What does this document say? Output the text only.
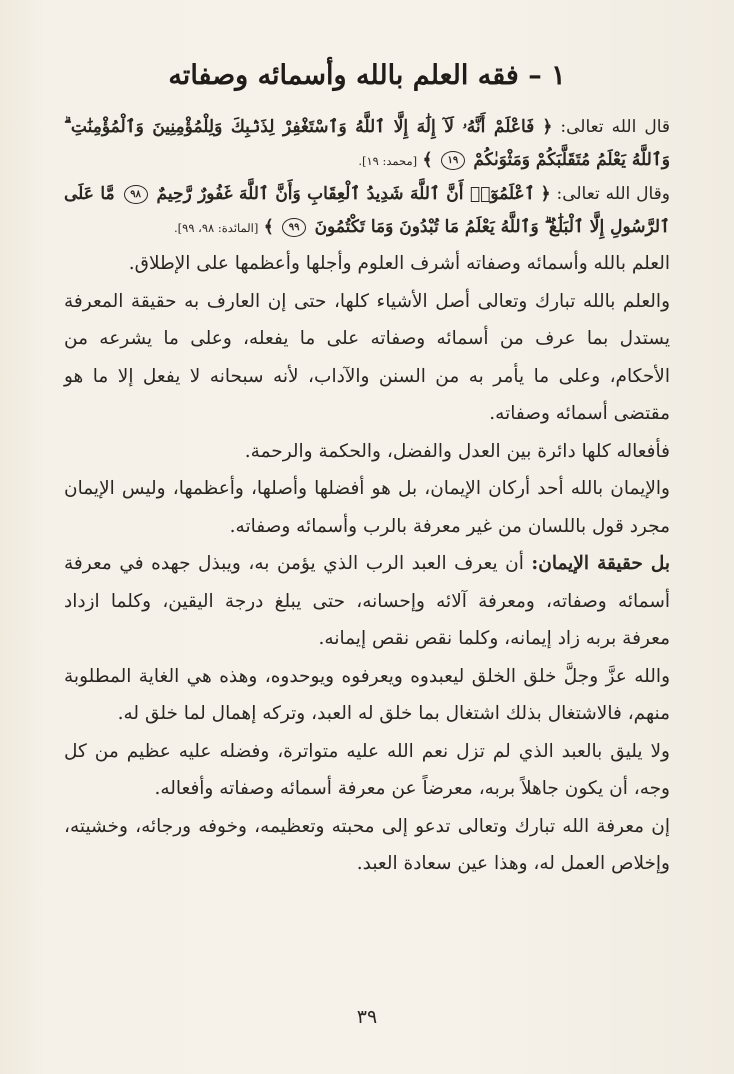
١ – فقه العلم بالله وأسمائه وصفاته

قال الله تعالى: ﴿ فَاعْلَمْ أَنَّهُۥ لَآ إِلَٰهَ إِلَّا ٱللَّهُ وَٱسْتَغْفِرْ لِذَنۢبِكَ وَلِلْمُؤْمِنِينَ وَٱلْمُؤْمِنَٰتِ ۗ وَٱللَّهُ يَعْلَمُ مُتَقَلَّبَكُمْ وَمَثْوَىٰكُمْ ١٩ ﴾ [محمد: ١٩].

وقال الله تعالى: ﴿ ٱعْلَمُوٓا۟ أَنَّ ٱللَّهَ شَدِيدُ ٱلْعِقَابِ وَأَنَّ ٱللَّهَ غَفُورٌ رَّحِيمٌ ٩٨ مَّا عَلَى ٱلرَّسُولِ إِلَّا ٱلْبَلَٰغُ ۗ وَٱللَّهُ يَعْلَمُ مَا تُبْدُونَ وَمَا تَكْتُمُونَ ٩٩ ﴾ [المائدة: ٩٨، ٩٩].

العلم بالله وأسمائه وصفاته أشرف العلوم وأجلها وأعظمها على الإطلاق.

والعلم بالله تبارك وتعالى أصل الأشياء كلها، حتى إن العارف به حقيقة المعرفة يستدل بما عرف من أسمائه وصفاته على ما يفعله، وعلى ما يشرعه من الأحكام، وعلى ما يأمر به من السنن والآداب، لأنه سبحانه لا يفعل إلا ما هو مقتضى أسمائه وصفاته.

فأفعاله كلها دائرة بين العدل والفضل، والحكمة والرحمة.

والإيمان بالله أحد أركان الإيمان، بل هو أفضلها وأصلها، وأعظمها، وليس الإيمان مجرد قول باللسان من غير معرفة بالرب وأسمائه وصفاته.

بل حقيقة الإيمان: أن يعرف العبد الرب الذي يؤمن به، ويبذل جهده في معرفة أسمائه وصفاته، ومعرفة آلائه وإحسانه، حتى يبلغ درجة اليقين، وكلما ازداد معرفة بربه زاد إيمانه، وكلما نقص نقص إيمانه.

والله عزَّ وجلَّ خلق الخلق ليعبدوه ويعرفوه ويوحدوه، وهذه هي الغاية المطلوبة منهم، فالاشتغال بذلك اشتغال بما خلق له العبد، وتركه إهمال لما خلق له.

ولا يليق بالعبد الذي لم تزل نعم الله عليه متواترة، وفضله عليه عظيم من كل وجه، أن يكون جاهلاً بربه، معرضاً عن معرفة أسمائه وصفاته وأفعاله.

إن معرفة الله تبارك وتعالى تدعو إلى محبته وتعظيمه، وخوفه ورجائه، وخشيته، وإخلاص العمل له، وهذا عين سعادة العبد.

٣٩
